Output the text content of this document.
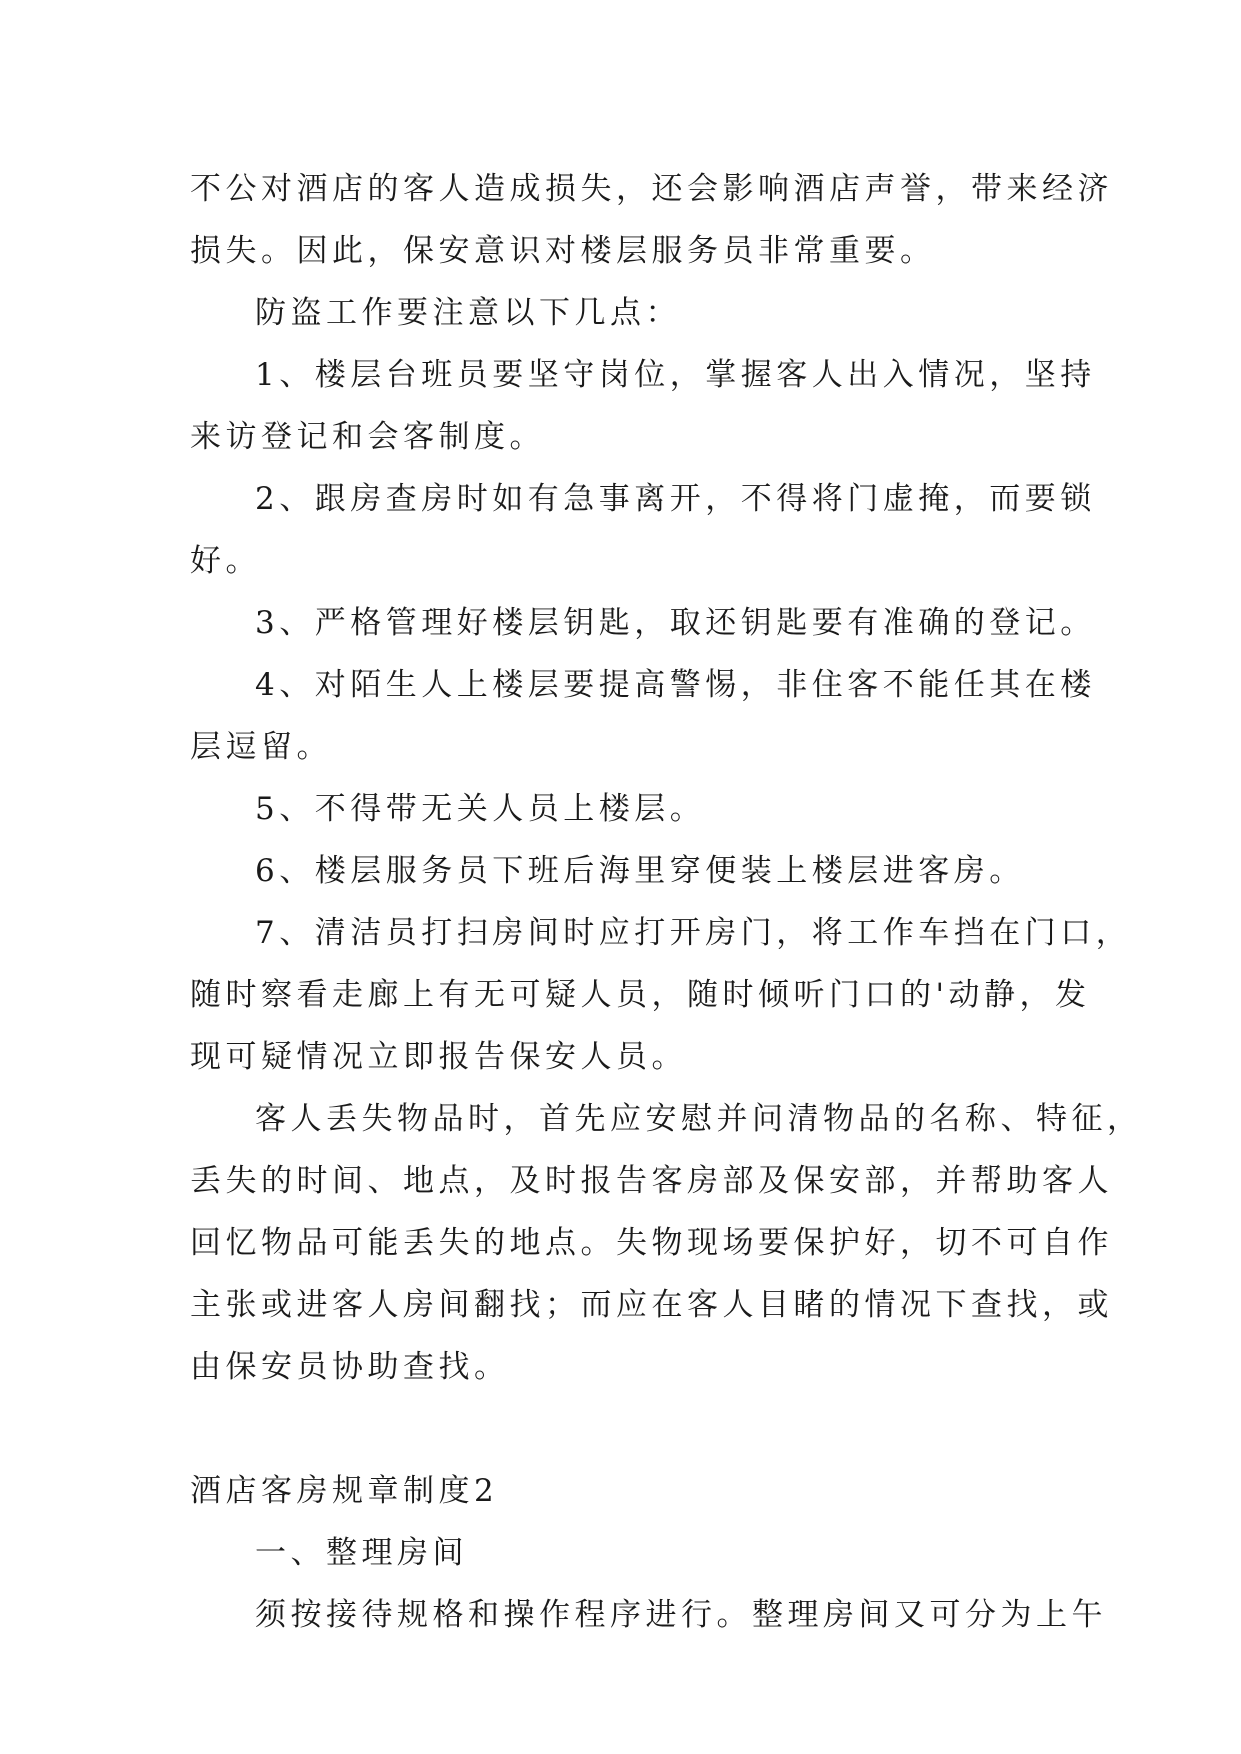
不公对酒店的客人造成损失，还会影响酒店声誉，带来经济
损失。因此，保安意识对楼层服务员非常重要。
防盗工作要注意以下几点：
1、楼层台班员要坚守岗位，掌握客人出入情况，坚持
来访登记和会客制度。
2、跟房查房时如有急事离开，不得将门虚掩，而要锁
好。
3、严格管理好楼层钥匙，取还钥匙要有准确的登记。
4、对陌生人上楼层要提高警惕，非住客不能任其在楼
层逗留。
5、不得带无关人员上楼层。
6、楼层服务员下班后海里穿便装上楼层进客房。
7、清洁员打扫房间时应打开房门，将工作车挡在门口，
随时察看走廊上有无可疑人员，随时倾听门口的'动静，发
现可疑情况立即报告保安人员。
客人丢失物品时，首先应安慰并问清物品的名称、特征，
丢失的时间、地点，及时报告客房部及保安部，并帮助客人
回忆物品可能丢失的地点。失物现场要保护好，切不可自作
主张或进客人房间翻找；而应在客人目睹的情况下查找，或
由保安员协助查找。
酒店客房规章制度2
一、整理房间
须按接待规格和操作程序进行。整理房间又可分为上午
